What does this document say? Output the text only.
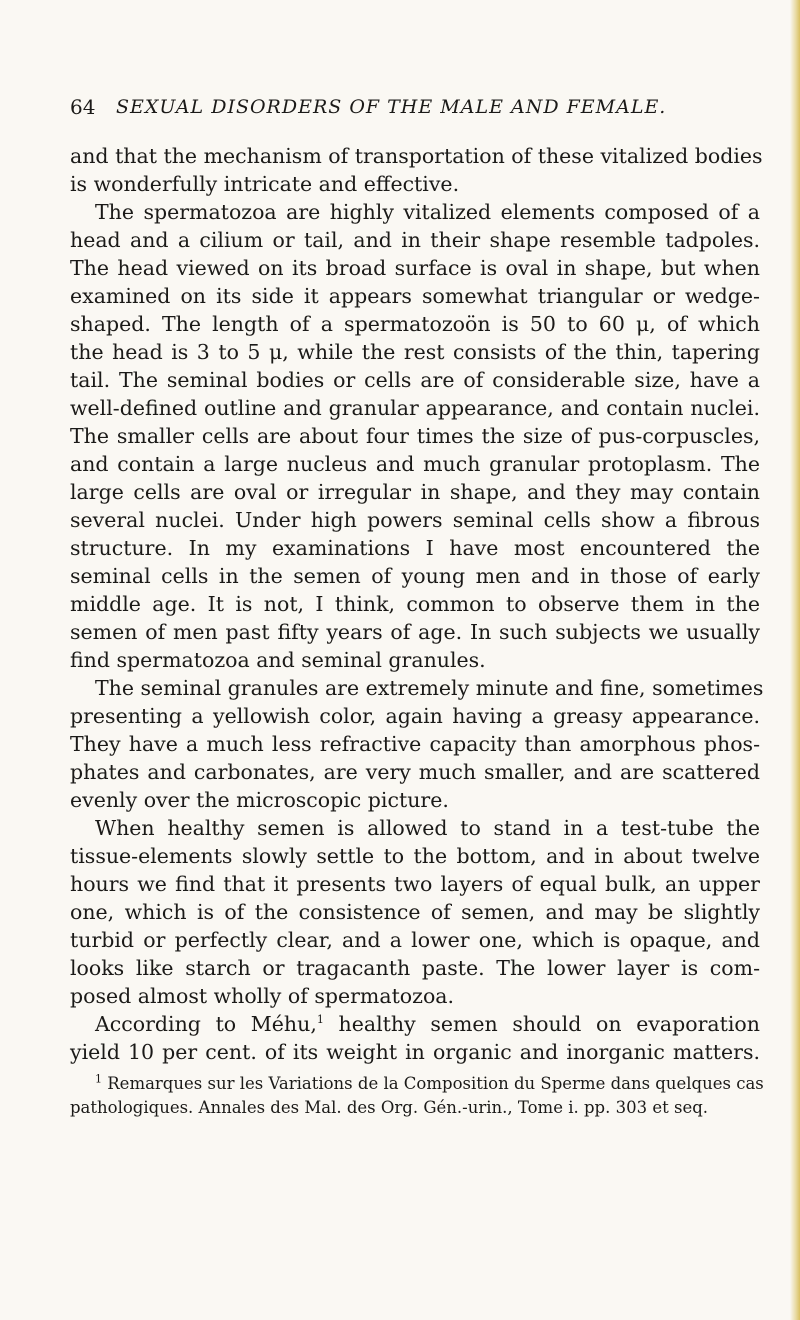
64 SEXUAL DISORDERS OF THE MALE AND FEMALE.
and that the mechanism of transportation of these vitalized bodies
is wonderfully intricate and effective.
The spermatozoa are highly vitalized elements composed of a
head and a cilium or tail, and in their shape resemble tadpoles.
The head viewed on its broad surface is oval in shape, but when
examined on its side it appears somewhat triangular or wedge-
shaped. The length of a spermatozoön is 50 to 60 μ, of which
the head is 3 to 5 μ, while the rest consists of the thin, tapering
tail. The seminal bodies or cells are of considerable size, have a
well-defined outline and granular appearance, and contain nuclei.
The smaller cells are about four times the size of pus-corpuscles,
and contain a large nucleus and much granular protoplasm. The
large cells are oval or irregular in shape, and they may contain
several nuclei. Under high powers seminal cells show a fibrous
structure. In my examinations I have most encountered the
seminal cells in the semen of young men and in those of early
middle age. It is not, I think, common to observe them in the
semen of men past fifty years of age. In such subjects we usually
find spermatozoa and seminal granules.
The seminal granules are extremely minute and fine, sometimes
presenting a yellowish color, again having a greasy appearance.
They have a much less refractive capacity than amorphous phos-
phates and carbonates, are very much smaller, and are scattered
evenly over the microscopic picture.
When healthy semen is allowed to stand in a test-tube the
tissue-elements slowly settle to the bottom, and in about twelve
hours we find that it presents two layers of equal bulk, an upper
one, which is of the consistence of semen, and may be slightly
turbid or perfectly clear, and a lower one, which is opaque, and
looks like starch or tragacanth paste. The lower layer is com-
posed almost wholly of spermatozoa.
According to Méhu,$^1$ healthy semen should on evaporation
yield 10 per cent. of its weight in organic and inorganic matters.
$^1$ Remarques sur les Variations de la Composition du Sperme dans quelques cas
pathologiques. Annales des Mal. des Org. Gén.-urin., Tome i. pp. 303 et seq.
